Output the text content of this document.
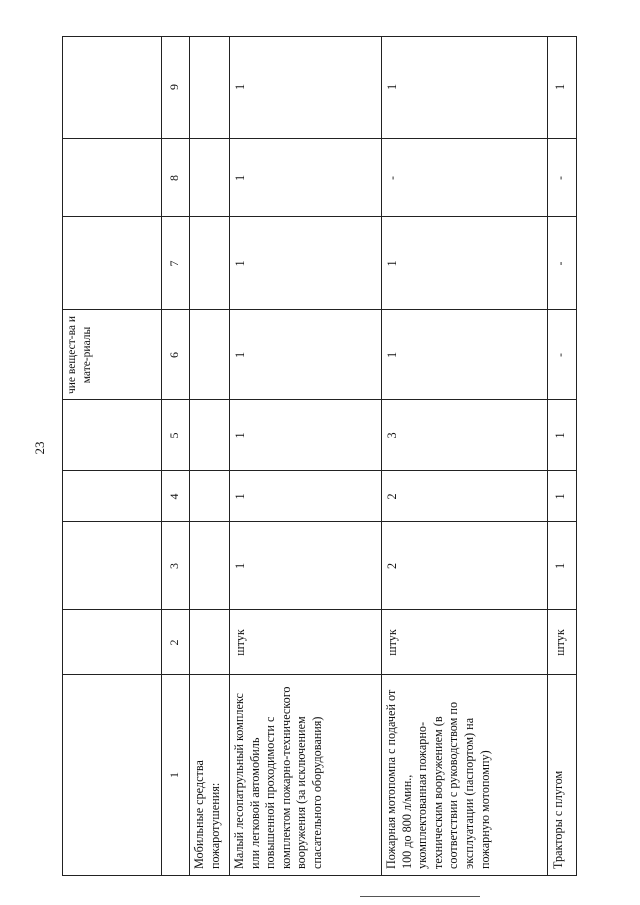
23
чие вещест-ва и мате-риалы
1
2
3
4
5
6
7
8
9
Мобильные средства пожаротушения: Малый лесопатрульный комплекс или легковой автомобиль повышенной проходимости с комплектом пожарно-технического вооружения (за исключением спасательного оборудования)
штук
1
1
1
1
1
1
1
Пожарная мотопомпа с подачей от 100 до 800 л/мин., укомплектованная пожарно-техническим вооружением (в соответствии с руководством по эксплуатации (паспортом) на пожарную мотопомпу)
штук
2
2
3
1
1
-
1
Тракторы с плугом
штук
1
1
1
-
-
-
1
